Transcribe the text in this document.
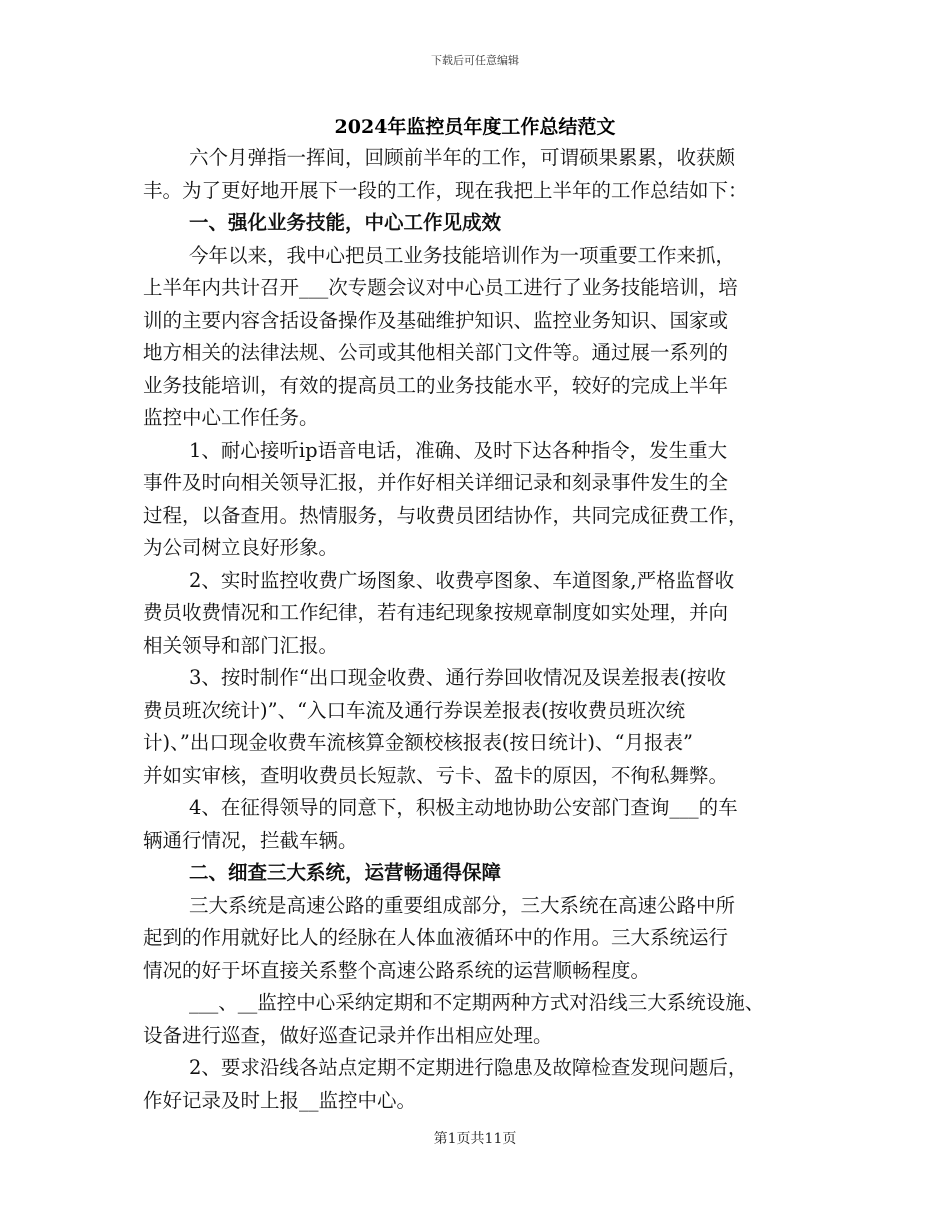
下载后可任意编辑
2024年监控员年度工作总结范文
六个月弹指一挥间，回顾前半年的工作，可谓硕果累累，收获颇
丰。为了更好地开展下一段的工作，现在我把上半年的工作总结如下：
一、强化业务技能，中心工作见成效
今年以来，我中心把员工业务技能培训作为一项重要工作来抓，
上半年内共计召开___次专题会议对中心员工进行了业务技能培训，培
训的主要内容含括设备操作及基础维护知识、监控业务知识、国家或
地方相关的法律法规、公司或其他相关部门文件等。通过展一系列的
业务技能培训，有效的提高员工的业务技能水平，较好的完成上半年
监控中心工作任务。
1、耐心接听ip语音电话，准确、及时下达各种指令，发生重大
事件及时向相关领导汇报，并作好相关详细记录和刻录事件发生的全
过程，以备查用。热情服务，与收费员团结协作，共同完成征费工作，
为公司树立良好形象。
2、实时监控收费广场图象、收费亭图象、车道图象,严格监督收
费员收费情况和工作纪律，若有违纪现象按规章制度如实处理，并向
相关领导和部门汇报。
3、按时制作“出口现金收费、通行券回收情况及误差报表(按收
费员班次统计)”、“入口车流及通行券误差报表(按收费员班次统
计)、”出口现金收费车流核算金额校核报表(按日统计)、“月报表”
并如实审核，查明收费员长短款、亏卡、盈卡的原因，不徇私舞弊。
4、在征得领导的同意下，积极主动地协助公安部门查询___的车
辆通行情况，拦截车辆。
二、细查三大系统，运营畅通得保障
三大系统是高速公路的重要组成部分，三大系统在高速公路中所
起到的作用就好比人的经脉在人体血液循环中的作用。三大系统运行
情况的好于坏直接关系整个高速公路系统的运营顺畅程度。
___、__监控中心采纳定期和不定期两种方式对沿线三大系统设施、
设备进行巡查，做好巡查记录并作出相应处理。
2、要求沿线各站点定期不定期进行隐患及故障检查发现问题后，
作好记录及时上报__监控中心。
第1页共11页
